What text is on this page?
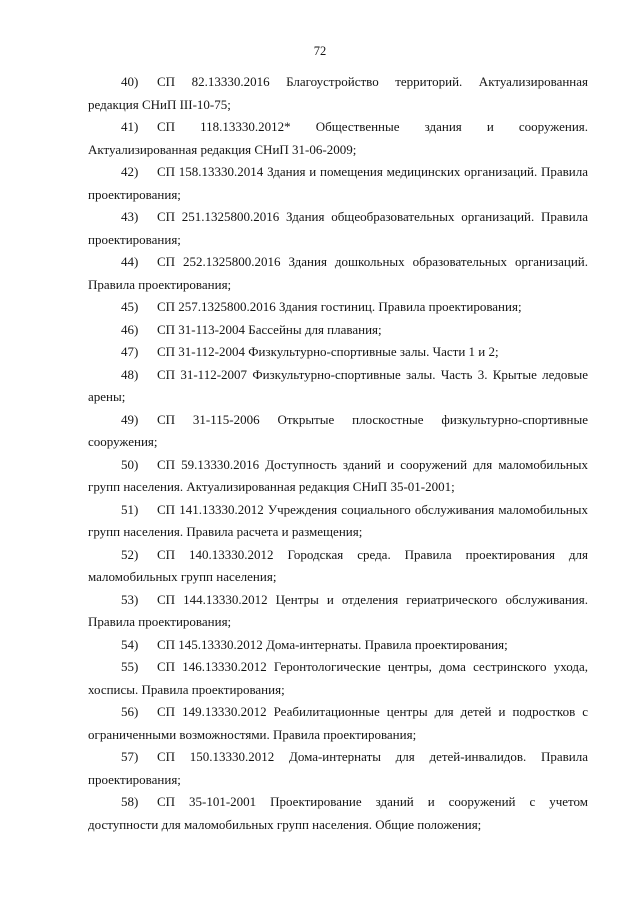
72
40) СП 82.13330.2016 Благоустройство территорий. Актуализированная
редакция СНиП III-10-75;
41) СП 118.13330.2012* Общественные здания и сооружения.
Актуализированная редакция СНиП 31-06-2009;
42) СП 158.13330.2014 Здания и помещения медицинских организаций. Правила
проектирования;
43) СП 251.1325800.2016 Здания общеобразовательных организаций. Правила
проектирования;
44) СП 252.1325800.2016 Здания дошкольных образовательных организаций.
Правила проектирования;
45) СП 257.1325800.2016 Здания гостиниц. Правила проектирования;
46) СП 31-113-2004 Бассейны для плавания;
47) СП 31-112-2004 Физкультурно-спортивные залы. Части 1 и 2;
48) СП 31-112-2007 Физкультурно-спортивные залы. Часть 3. Крытые ледовые
арены;
49) СП 31-115-2006 Открытые плоскостные физкультурно-спортивные
сооружения;
50) СП 59.13330.2016 Доступность зданий и сооружений для маломобильных
групп населения. Актуализированная редакция СНиП 35-01-2001;
51) СП 141.13330.2012 Учреждения социального обслуживания маломобильных
групп населения. Правила расчета и размещения;
52) СП 140.13330.2012 Городская среда. Правила проектирования для
маломобильных групп населения;
53) СП 144.13330.2012 Центры и отделения гериатрического обслуживания.
Правила проектирования;
54) СП 145.13330.2012 Дома-интернаты. Правила проектирования;
55) СП 146.13330.2012 Геронтологические центры, дома сестринского ухода,
хосписы. Правила проектирования;
56) СП 149.13330.2012 Реабилитационные центры для детей и подростков с
ограниченными возможностями. Правила проектирования;
57) СП 150.13330.2012 Дома-интернаты для детей-инвалидов. Правила
проектирования;
58) СП 35-101-2001 Проектирование зданий и сооружений с учетом
доступности для маломобильных групп населения. Общие положения;
